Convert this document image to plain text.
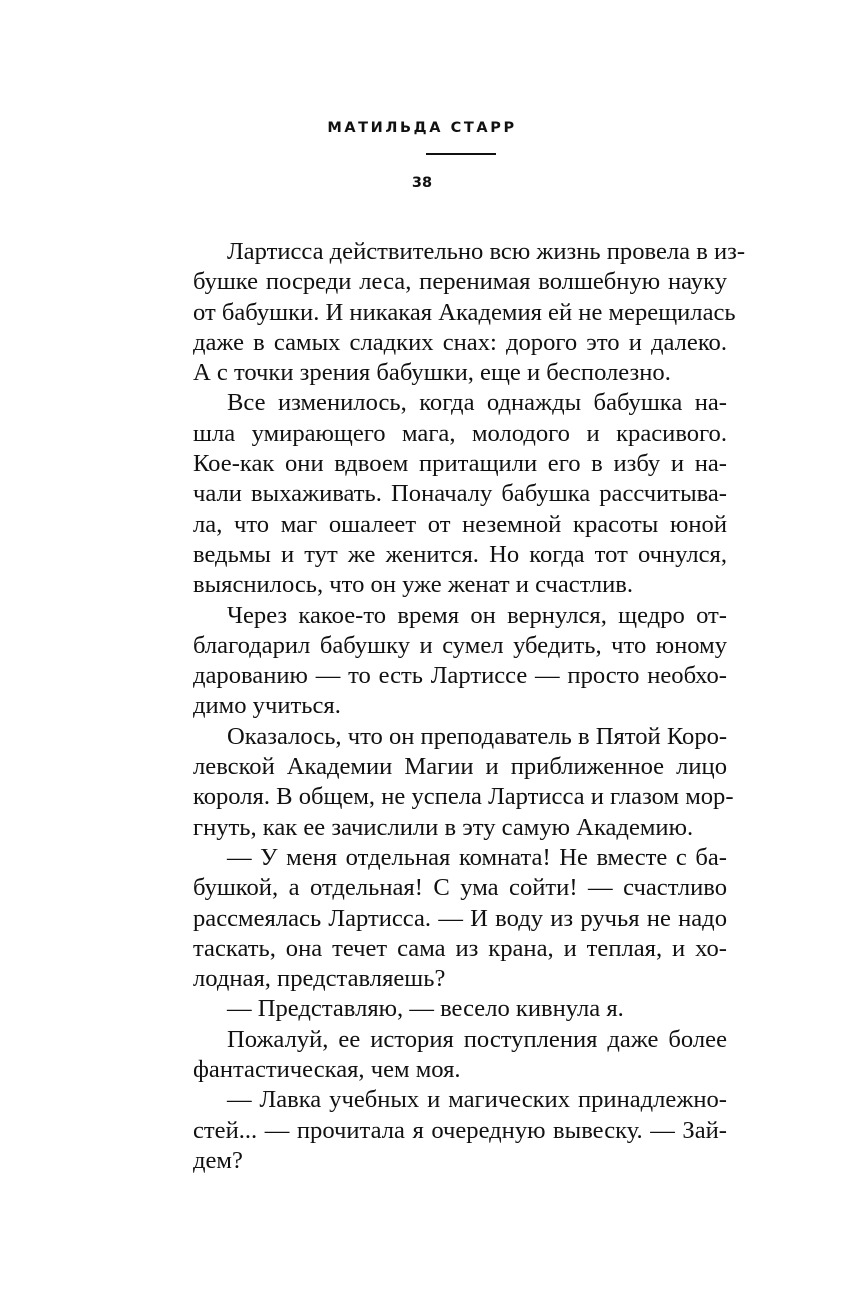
МАТИЛЬДА СТАРР
38
Лартисса действительно всю жизнь провела в из-
бушке посреди леса, перенимая волшебную науку
от бабушки. И никакая Академия ей не мерещилась
даже в самых сладких снах: дорого это и далеко.
А с точки зрения бабушки, еще и бесполезно.
Все изменилось, когда однажды бабушка на-
шла умирающего мага, молодого и красивого.
Кое-как они вдвоем притащили его в избу и на-
чали выхаживать. Поначалу бабушка рассчитыва-
ла, что маг ошалеет от неземной красоты юной
ведьмы и тут же женится. Но когда тот очнулся,
выяснилось, что он уже женат и счастлив.
Через какое-то время он вернулся, щедро от-
благодарил бабушку и сумел убедить, что юному
дарованию — то есть Лартиссе — просто необхо-
димо учиться.
Оказалось, что он преподаватель в Пятой Коро-
левской Академии Магии и приближенное лицо
короля. В общем, не успела Лартисса и глазом мор-
гнуть, как ее зачислили в эту самую Академию.
— У меня отдельная комната! Не вместе с ба-
бушкой, а отдельная! С ума сойти! — счастливо
рассмеялась Лартисса. — И воду из ручья не надо
таскать, она течет сама из крана, и теплая, и хо-
лодная, представляешь?
— Представляю, — весело кивнула я.
Пожалуй, ее история поступления даже более
фантастическая, чем моя.
— Лавка учебных и магических принадлежно-
стей... — прочитала я очередную вывеску. — Зай-
дем?
